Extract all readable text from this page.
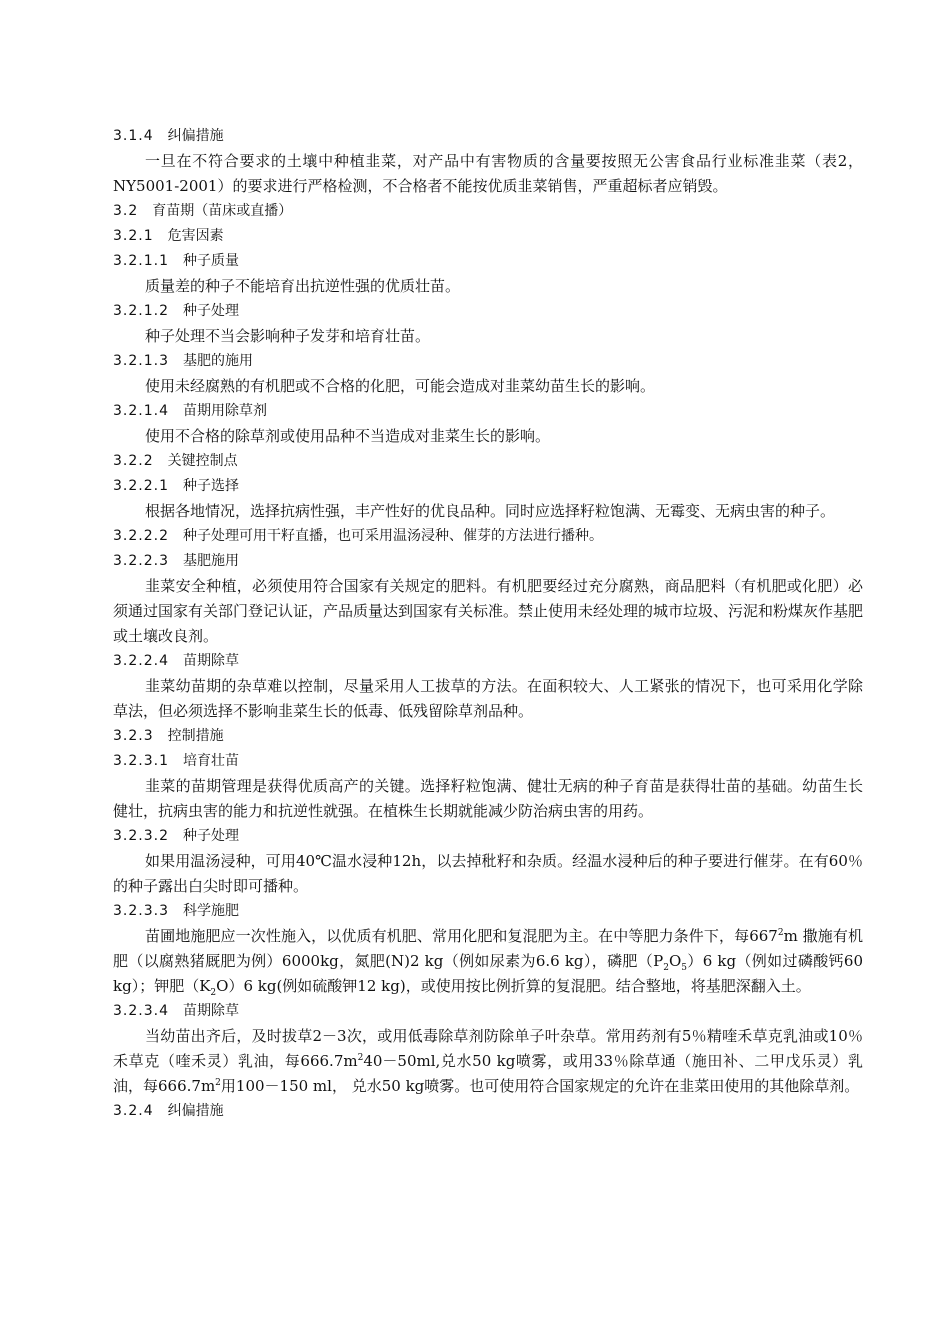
3.1.4 纠偏措施
一旦在不符合要求的土壤中种植韭菜，对产品中有害物质的含量要按照无公害食品行业标准韭菜（表2，NY5001-2001）的要求进行严格检测，不合格者不能按优质韭菜销售，严重超标者应销毁。
3.2 育苗期（苗床或直播）
3.2.1 危害因素
3.2.1.1 种子质量
质量差的种子不能培育出抗逆性强的优质壮苗。
3.2.1.2 种子处理
种子处理不当会影响种子发芽和培育壮苗。
3.2.1.3 基肥的施用
使用未经腐熟的有机肥或不合格的化肥，可能会造成对韭菜幼苗生长的影响。
3.2.1.4 苗期用除草剂
使用不合格的除草剂或使用品种不当造成对韭菜生长的影响。
3.2.2 关键控制点
3.2.2.1 种子选择
根据各地情况，选择抗病性强，丰产性好的优良品种。同时应选择籽粒饱满、无霉变、无病虫害的种子。
3.2.2.2 种子处理可用干籽直播，也可采用温汤浸种、催芽的方法进行播种。
3.2.2.3 基肥施用
韭菜安全种植，必须使用符合国家有关规定的肥料。有机肥要经过充分腐熟，商品肥料（有机肥或化肥）必须通过国家有关部门登记认证，产品质量达到国家有关标准。禁止使用未经处理的城市垃圾、污泥和粉煤灰作基肥或土壤改良剂。
3.2.2.4 苗期除草
韭菜幼苗期的杂草难以控制，尽量采用人工拔草的方法。在面积较大、人工紧张的情况下，也可采用化学除草法，但必须选择不影响韭菜生长的低毒、低残留除草剂品种。
3.2.3 控制措施
3.2.3.1 培育壮苗
韭菜的苗期管理是获得优质高产的关键。选择籽粒饱满、健壮无病的种子育苗是获得壮苗的基础。幼苗生长健壮，抗病虫害的能力和抗逆性就强。在植株生长期就能减少防治病虫害的用药。
3.2.3.2 种子处理
如果用温汤浸种，可用40℃温水浸种12h，以去掉秕籽和杂质。经温水浸种后的种子要进行催芽。在有60％的种子露出白尖时即可播种。
3.2.3.3 科学施肥
苗圃地施肥应一次性施入，以优质有机肥、常用化肥和复混肥为主。在中等肥力条件下，每$667^2m$ 撒施有机肥（以腐熟猪厩肥为例）6000kg，氮肥(N)2 kg（例如尿素为6.6 kg），磷肥$(P_2O_5)6$ kg（例如过磷酸钙60 kg）；钾肥$(K_2O)6$ kg(例如硫酸钾12 kg)，或使用按比例折算的复混肥。结合整地，将基肥深翻入土。
3.2.3.4 苗期除草
当幼苗出齐后，及时拔草2－3次，或用低毒除草剂防除单子叶杂草。常用药剂有5％精喹禾草克乳油或10％禾草克（喹禾灵）乳油，每$666.7m^240-50ml$,兑水50 kg喷雾，或用33％除草通（施田补、二甲戊乐灵）乳油，每$666.7m^2$用100－150 ml， 兑水50 kg喷雾。也可使用符合国家规定的允许在韭菜田使用的其他除草剂。
3.2.4 纠偏措施
